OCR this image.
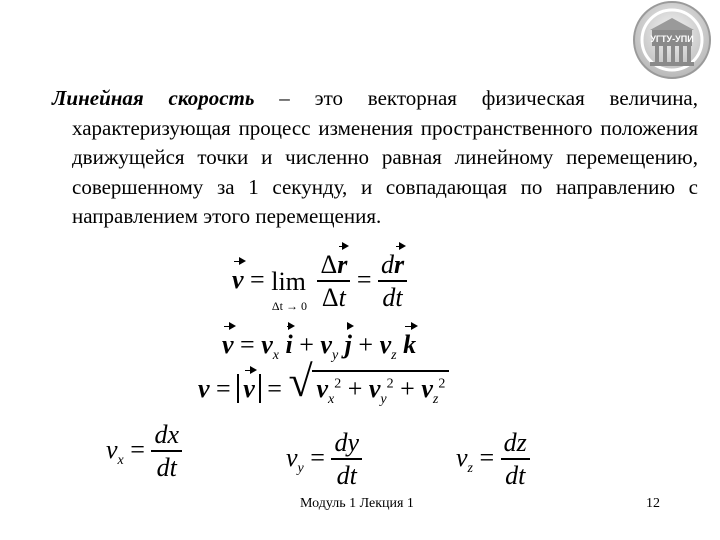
УГТУ-УПИ
Линейная скорость – это векторная физическая величина, характеризующая процесс изменения пространственного положения движущейся точки и численно равная линейному перемещению, совершенному за 1 секунду, и совпадающая по направлению с направлением этого перемещения.
$v = \lim\Delta t \to 0 \frac{\Delta r}{\Delta t} = \frac{dr}{dt}$
$v = v_x$ $i + v_y$ $j + v_z$ k
v = v = √ $v_x^2 + v_y^2 + v_z^2$
$v_x = \frac{dx}{dt}$	$v_y = \frac{dy}{dt}$	$v_z = \frac{dz}{dt}$
Модуль 1 Лекция 1	12
